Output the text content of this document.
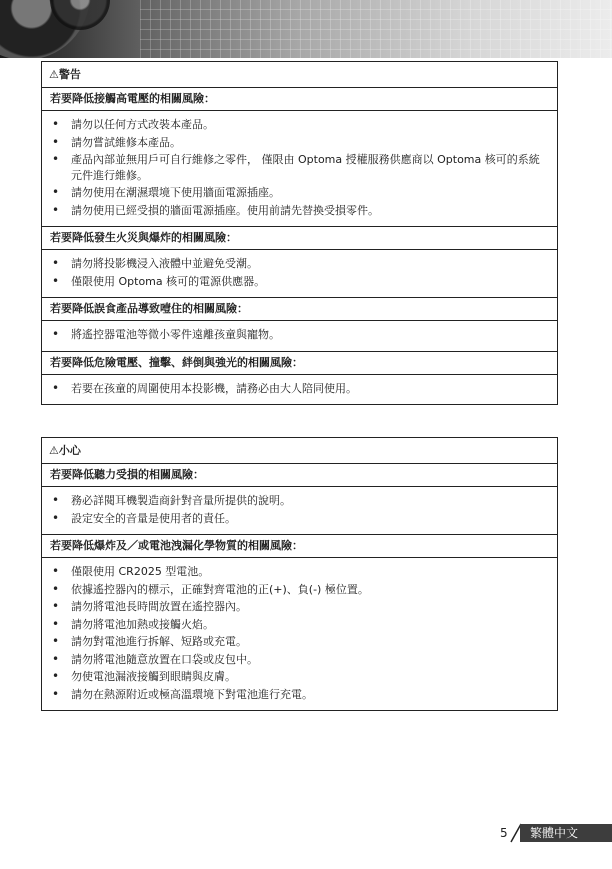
⚠警告
若要降低接觸高電壓的相關風險：
• 請勿以任何方式改裝本產品。
• 請勿嘗試維修本產品。
• 產品內部並無用戶可自行維修之零件， 僅限由 Optoma 授權服務供應商以 Optoma 核可的系統元件進行維修。
• 請勿使用在潮濕環境下使用牆面電源插座。
• 請勿使用已經受損的牆面電源插座。使用前請先替換受損零件。
若要降低發生火災與爆炸的相關風險：
• 請勿將投影機浸入液體中並避免受潮。
• 僅限使用 Optoma 核可的電源供應器。
若要降低誤食產品導致噎住的相關風險：
• 將遙控器電池等微小零件遠離孩童與寵物。
若要降低危險電壓、撞擊、絆倒與強光的相關風險：
• 若要在孩童的周圍使用本投影機，請務必由大人陪同使用。
⚠小心
若要降低聽力受損的相關風險：
• 務必詳閱耳機製造商針對音量所提供的說明。
• 設定安全的音量是使用者的責任。
若要降低爆炸及／或電池洩漏化學物質的相關風險：
• 僅限使用 CR2025 型電池。
• 依據遙控器內的標示，正確對齊電池的正(+)、負(-) 極位置。
• 請勿將電池長時間放置在遙控器內。
• 請勿將電池加熱或接觸火焰。
• 請勿對電池進行拆解、短路或充電。
• 請勿將電池隨意放置在口袋或皮包中。
• 勿使電池漏液接觸到眼睛與皮膚。
• 請勿在熱源附近或極高溫環境下對電池進行充電。
5	繁體中文
